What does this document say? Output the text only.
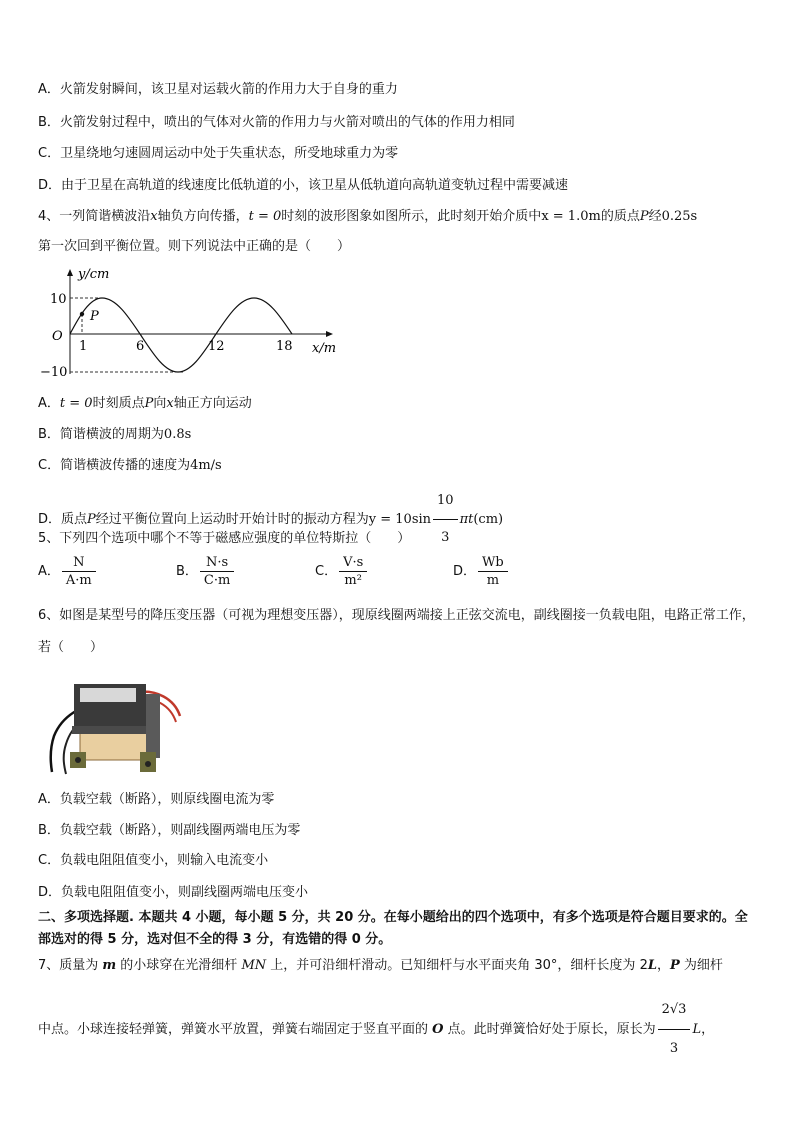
A．火箭发射瞬间，该卫星对运载火箭的作用力大于自身的重力
B．火箭发射过程中，喷出的气体对火箭的作用力与火箭对喷出的气体的作用力相同
C．卫星绕地匀速圆周运动中处于失重状态，所受地球重力为零
D．由于卫星在高轨道的线速度比低轨道的小，该卫星从低轨道向高轨道变轨过程中需要减速
4、一列简谐横波沿x轴负方向传播，t = 0时刻的波形图象如图所示，此时刻开始介质中x = 1.0m的质点P经0.25s
第一次回到平衡位置。则下列说法中正确的是（　　）
y/cm
x/m
O
P
10
−10
1	6	12	18
A．t = 0时刻质点P向x轴正方向运动
B．简谐横波的周期为0.8s
C．简谐横波传播的速度为4m/s
D．质点P经过平衡位置向上运动时开始计时的振动方程为$y = 10\sin \frac{10}{3} \pi t(cm)$
5、下列四个选项中哪个不等于磁感应强度的单位特斯拉（　　）
A． $\frac{N}{A\cdot m}$	B． $\frac{N\cdot s}{C\cdot m}$	C． $\frac{V\cdot s}{\text{m²}}$	D． $\frac{Wb}{m}$
6、如图是某型号的降压变压器（可视为理想变压器），现原线圈两端接上正弦交流电，副线圈接一负载电阻，电路正常工作，若（　　）
A．负载空载（断路），则原线圈电流为零
B．负载空载（断路），则副线圈两端电压为零
C．负载电阻阻值变小，则输入电流变小
D．负载电阻阻值变小，则副线圈两端电压变小
二、多项选择题. 本题共 4 小题，每小题 5 分，共 20 分。在每小题给出的四个选项中，有多个选项是符合题目要求的。全部选对的得 5 分，选对但不全的得 3 分，有选错的得 0 分。
7、质量为 m 的小球穿在光滑细杆 MN 上，并可沿细杆滑动。已知细杆与水平面夹角 30°，细杆长度为 2L，P 为细杆
中点。小球连接轻弹簧，弹簧水平放置，弹簧右端固定于竖直平面的 O 点。此时弹簧恰好处于原长，原长为 $\frac{2√3}{3}$ L，
